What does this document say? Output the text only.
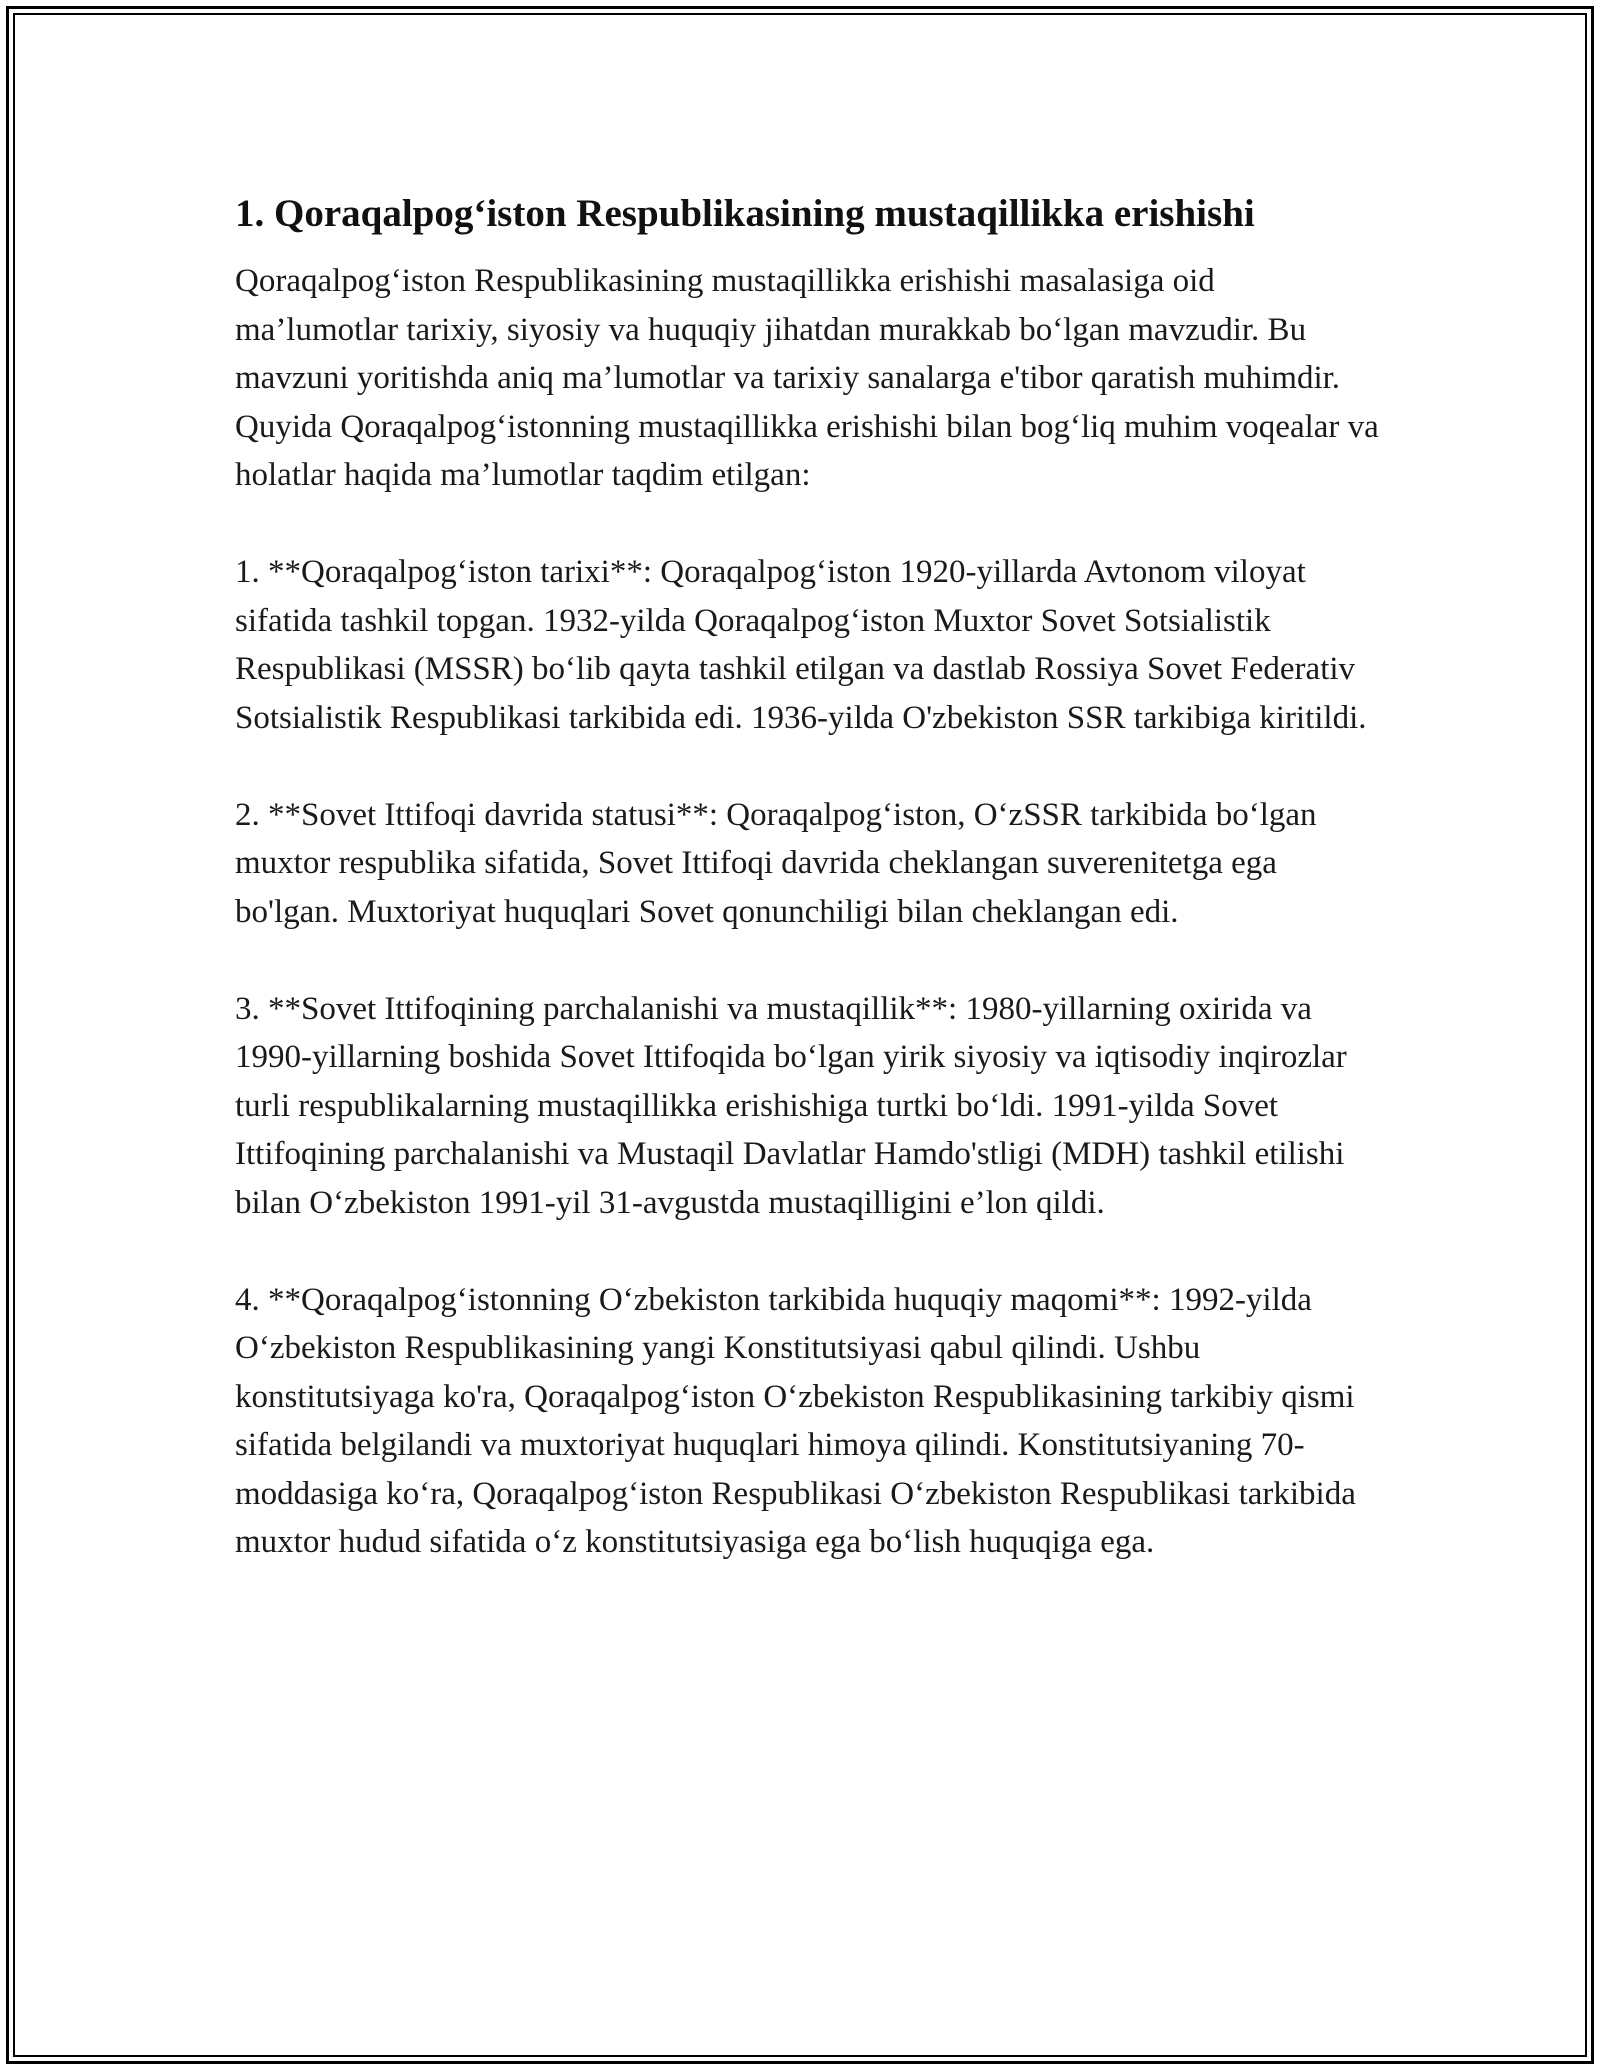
1. Qoraqalpog‘iston Respublikasining mustaqillikka erishishi

Qoraqalpog‘iston Respublikasining mustaqillikka erishishi masalasiga oid ma’lumotlar tarixiy, siyosiy va huquqiy jihatdan murakkab bo‘lgan mavzudir. Bu mavzuni yoritishda aniq ma’lumotlar va tarixiy sanalarga e'tibor qaratish muhimdir. Quyida Qoraqalpog‘istonning mustaqillikka erishishi bilan bog‘liq muhim voqealar va holatlar haqida ma’lumotlar taqdim etilgan:

1. **Qoraqalpog‘iston tarixi**: Qoraqalpog‘iston 1920-yillarda Avtonom viloyat sifatida tashkil topgan. 1932-yilda Qoraqalpog‘iston Muxtor Sovet Sotsialistik Respublikasi (MSSR) bo‘lib qayta tashkil etilgan va dastlab Rossiya Sovet Federativ Sotsialistik Respublikasi tarkibida edi. 1936-yilda O'zbekiston SSR tarkibiga kiritildi.

2. **Sovet Ittifoqi davrida statusi**: Qoraqalpog‘iston, O‘zSSR tarkibida bo‘lgan muxtor respublika sifatida, Sovet Ittifoqi davrida cheklangan suverenitetga ega bo'lgan. Muxtoriyat huquqlari Sovet qonunchiligi bilan cheklangan edi.

3. **Sovet Ittifoqining parchalanishi va mustaqillik**: 1980-yillarning oxirida va 1990-yillarning boshida Sovet Ittifoqida bo‘lgan yirik siyosiy va iqtisodiy inqirozlar turli respublikalarning mustaqillikka erishishiga turtki bo‘ldi. 1991-yilda Sovet Ittifoqining parchalanishi va Mustaqil Davlatlar Hamdo'stligi (MDH) tashkil etilishi bilan O‘zbekiston 1991-yil 31-avgustda mustaqilligini e’lon qildi.

4. **Qoraqalpog‘istonning O‘zbekiston tarkibida huquqiy maqomi**: 1992-yilda O‘zbekiston Respublikasining yangi Konstitutsiyasi qabul qilindi. Ushbu konstitutsiyaga ko'ra, Qoraqalpog‘iston O‘zbekiston Respublikasining tarkibiy qismi sifatida belgilandi va muxtoriyat huquqlari himoya qilindi. Konstitutsiyaning 70-moddasiga ko‘ra, Qoraqalpog‘iston Respublikasi O‘zbekiston Respublikasi tarkibida muxtor hudud sifatida o‘z konstitutsiyasiga ega bo‘lish huquqiga ega.
